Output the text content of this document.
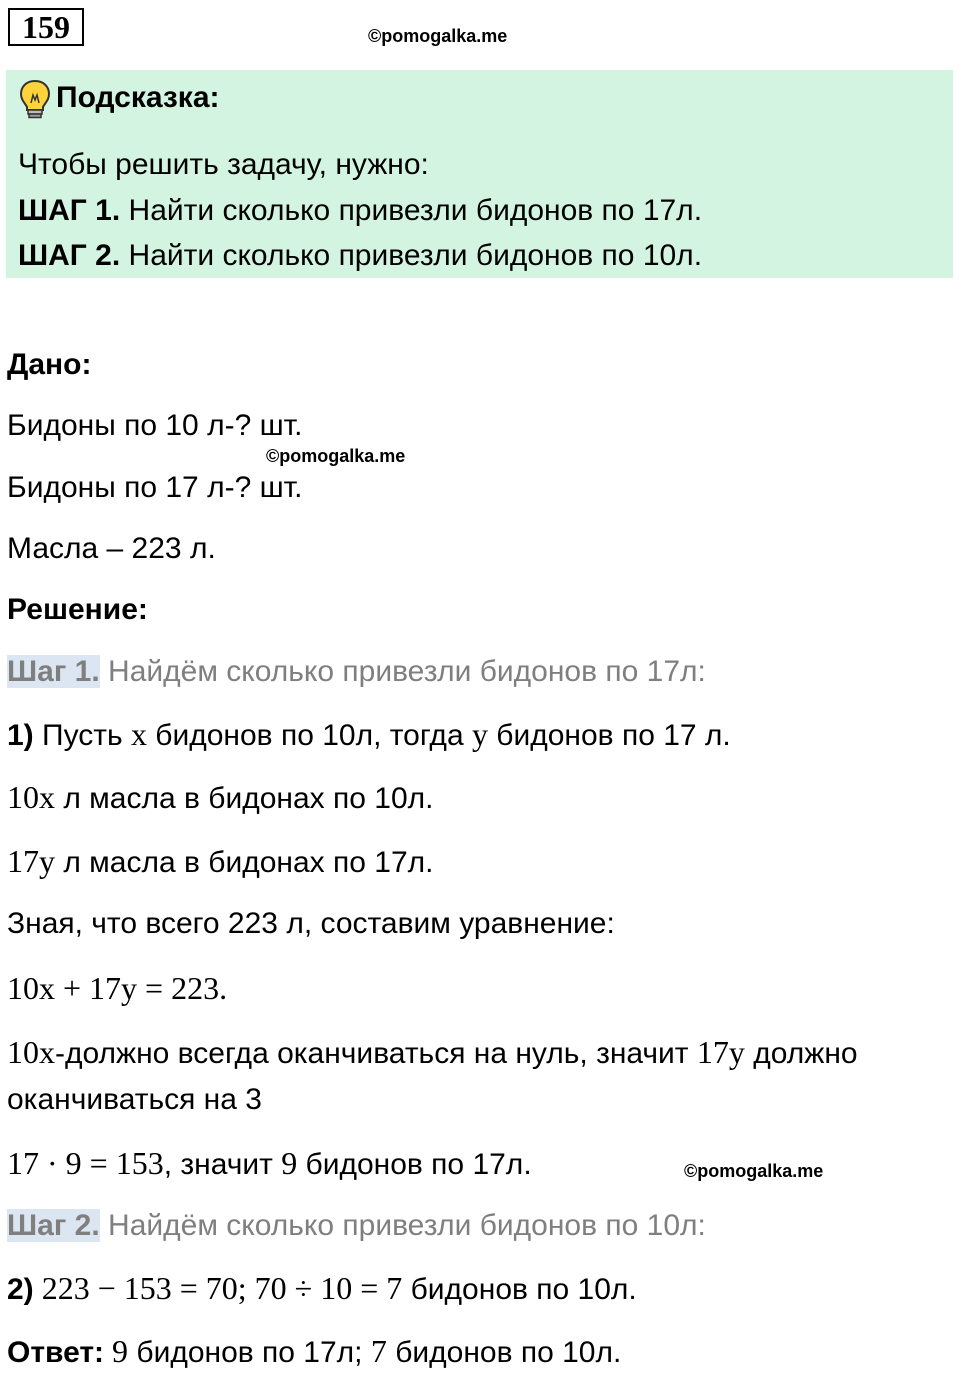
159	©pomogalka.me
Подсказка:
Чтобы решить задачу, нужно:
ШАГ 1. Найти сколько привезли бидонов по 17л.
ШАГ 2. Найти сколько привезли бидонов по 10л.
Дано:
Бидоны по 10 л-? шт.
©pomogalka.me
Бидоны по 17 л-? шт.
Масла – 223 л.
Решение:
Шаг 1. Найдём сколько привезли бидонов по 17л:
1) Пусть x бидонов по 10л, тогда y бидонов по 17 л.
10x л масла в бидонах по 10л.
17y л масла в бидонах по 17л.
Зная, что всего 223 л, составим уравнение:
10x + 17y = 223.
10x-должно всегда оканчиваться на нуль, значит 17y должно
оканчиваться на 3
17 · 9 = 153, значит 9 бидонов по 17л.	©pomogalka.me
Шаг 2. Найдём сколько привезли бидонов по 10л:
2) 223 − 153 = 70; 70 ÷ 10 = 7 бидонов по 10л.
Ответ: 9 бидонов по 17л; 7 бидонов по 10л.
